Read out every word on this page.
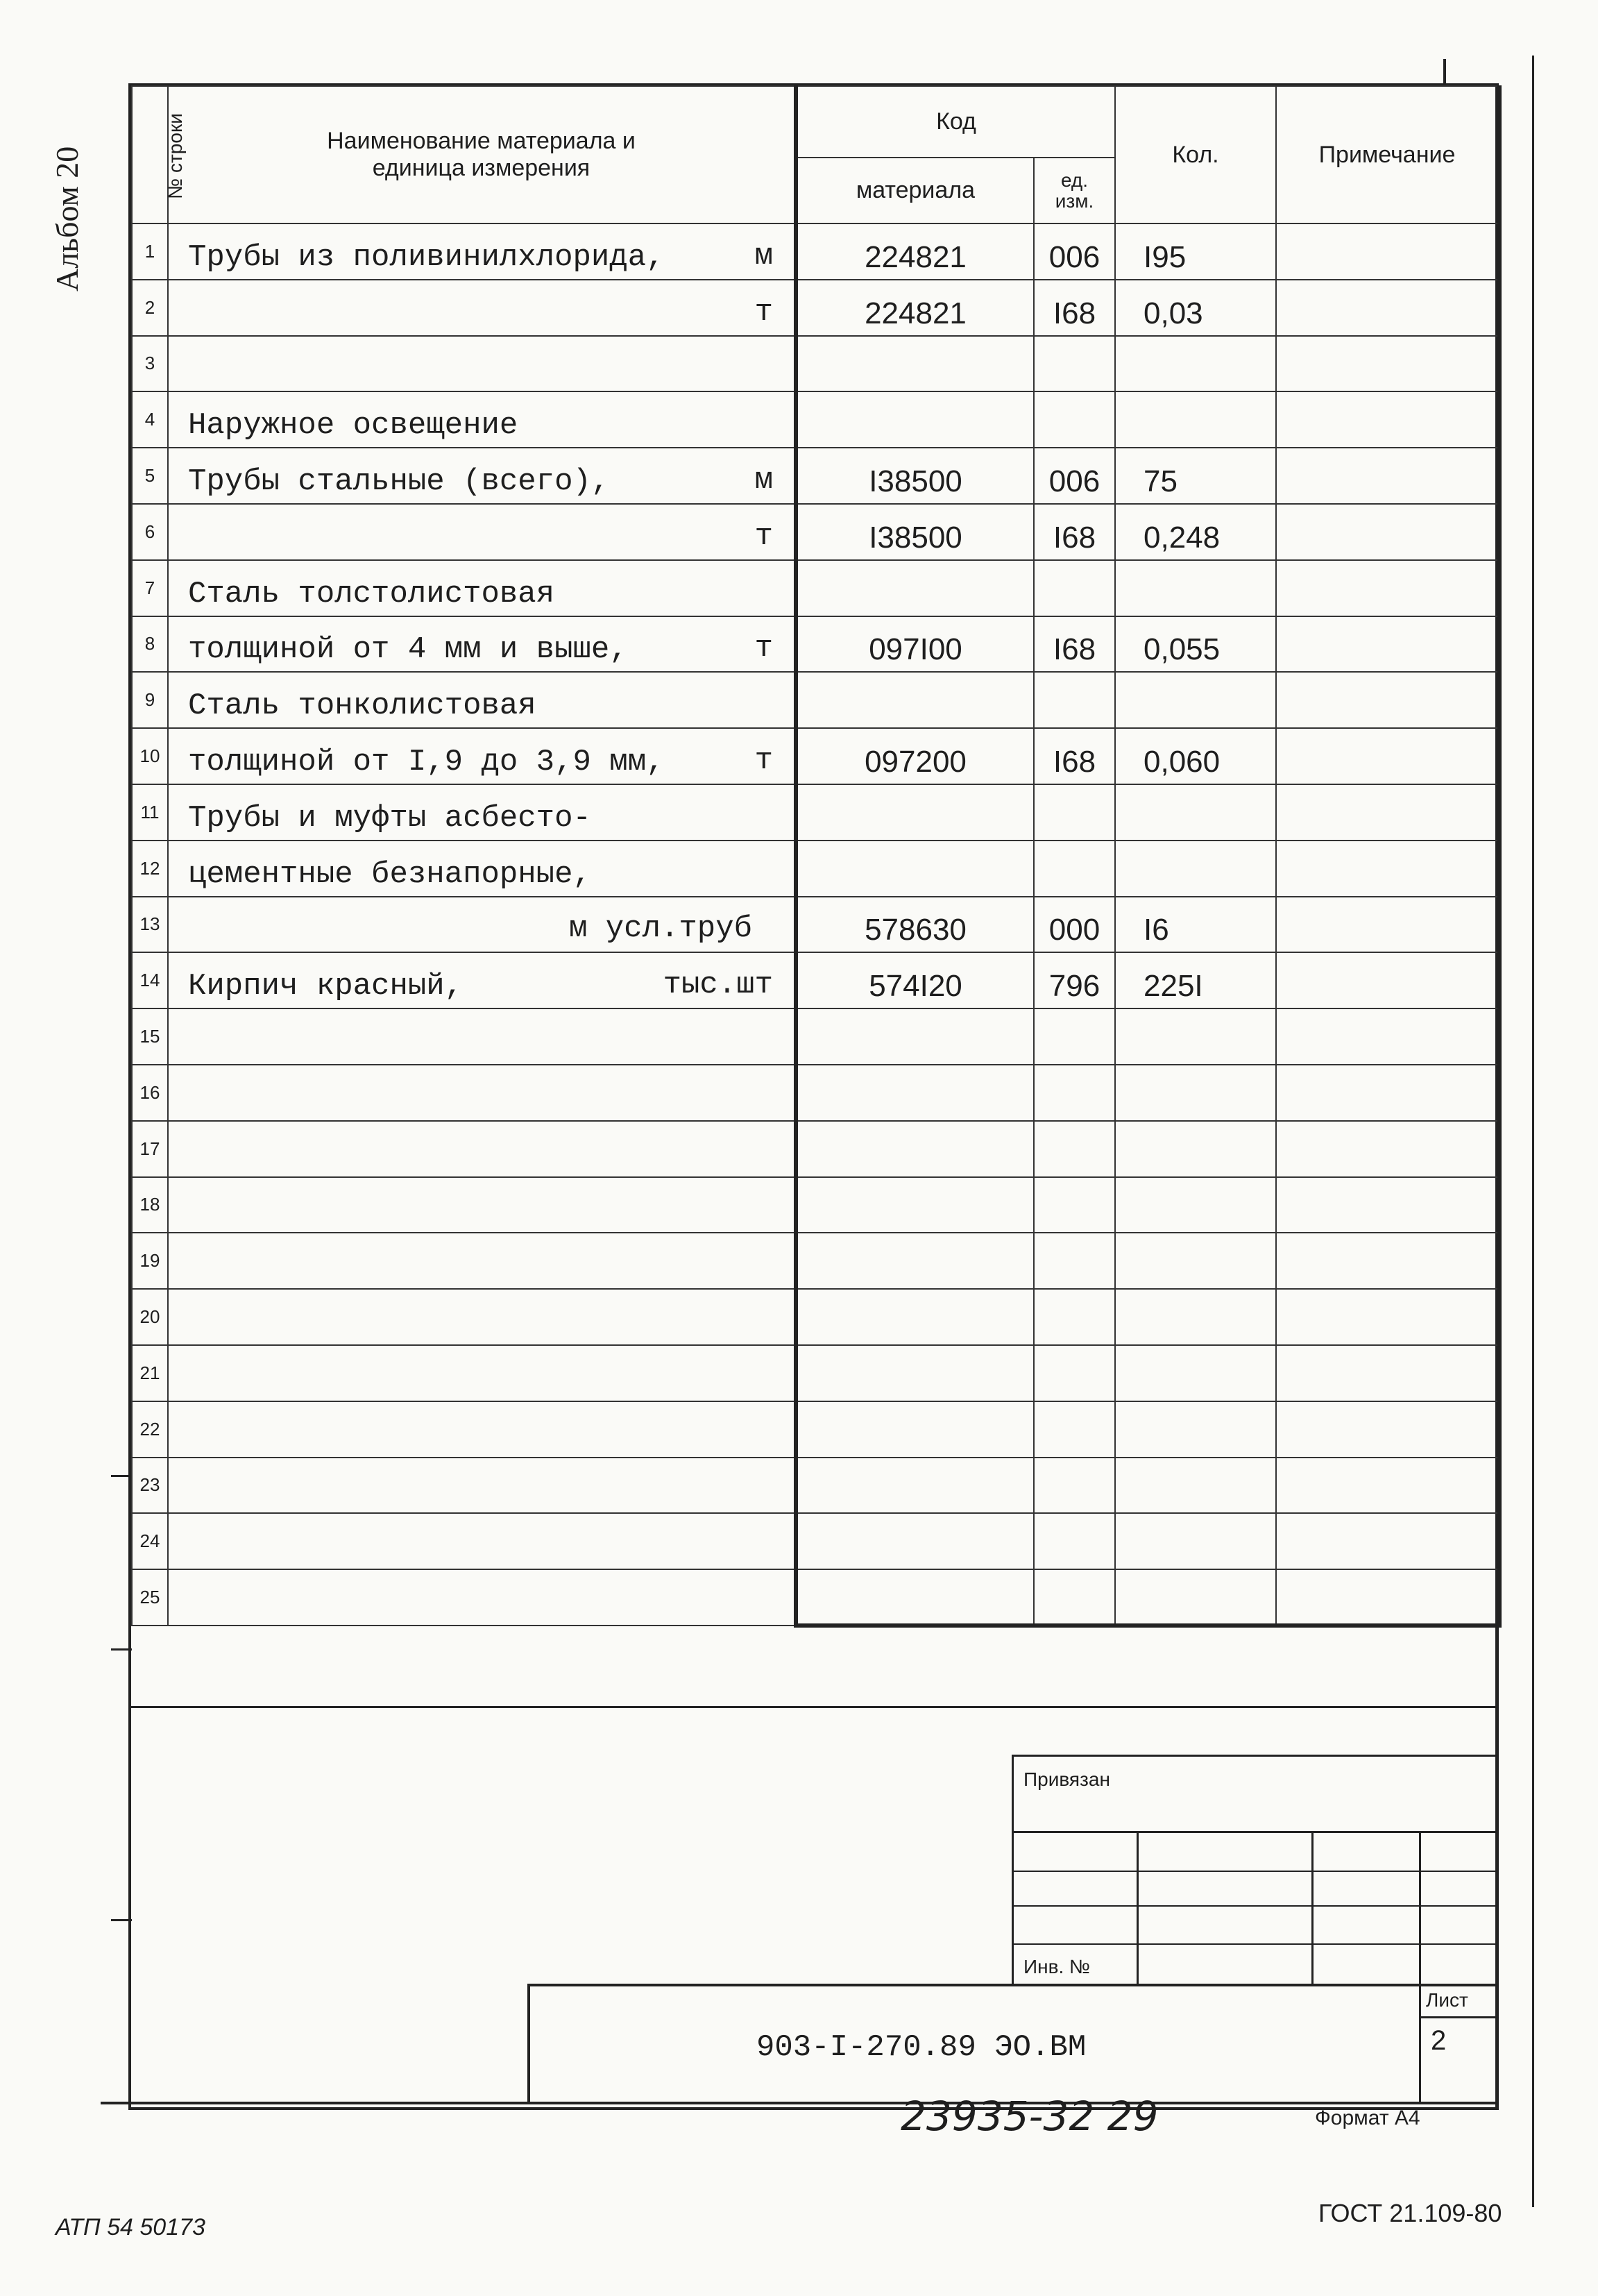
Альбом 20	№ строки	Наименование материала и
единица измерения	Код		Кол.	Примечание
		материала	ед.
изм.		

1	Трубы из поливинилхлорида, м	224821	006	I95	
2	т	224821	I68	0,03	
3	

4	Наружное освещение

5	Трубы стальные (всего), м	I38500	006	75	
6	т	I38500	I68	0,248	
7	Сталь толстолистовая

8	толщиной от 4 мм и выше, т	097I00	I68	0,055	
9	Сталь тонколистовая

10	толщиной от I,9 до 3,9 мм, т	097200	I68	0,060	
11	Трубы и муфты асбесто-

12	цементные безнапорные,

13	м усл.труб	578630	000	I6	
14	Кирпич красный, тыс.шт	574I20	796	225I	
15	

16	

17	

18	

19	

20	

21	

22	

23	

24	

25	

Привязан
Инв. №
Лист
2
903-I-270.89 ЭО.ВМ
23935-32 29	Формат А4
АТП 54 50173	ГОСТ 21.109-80
